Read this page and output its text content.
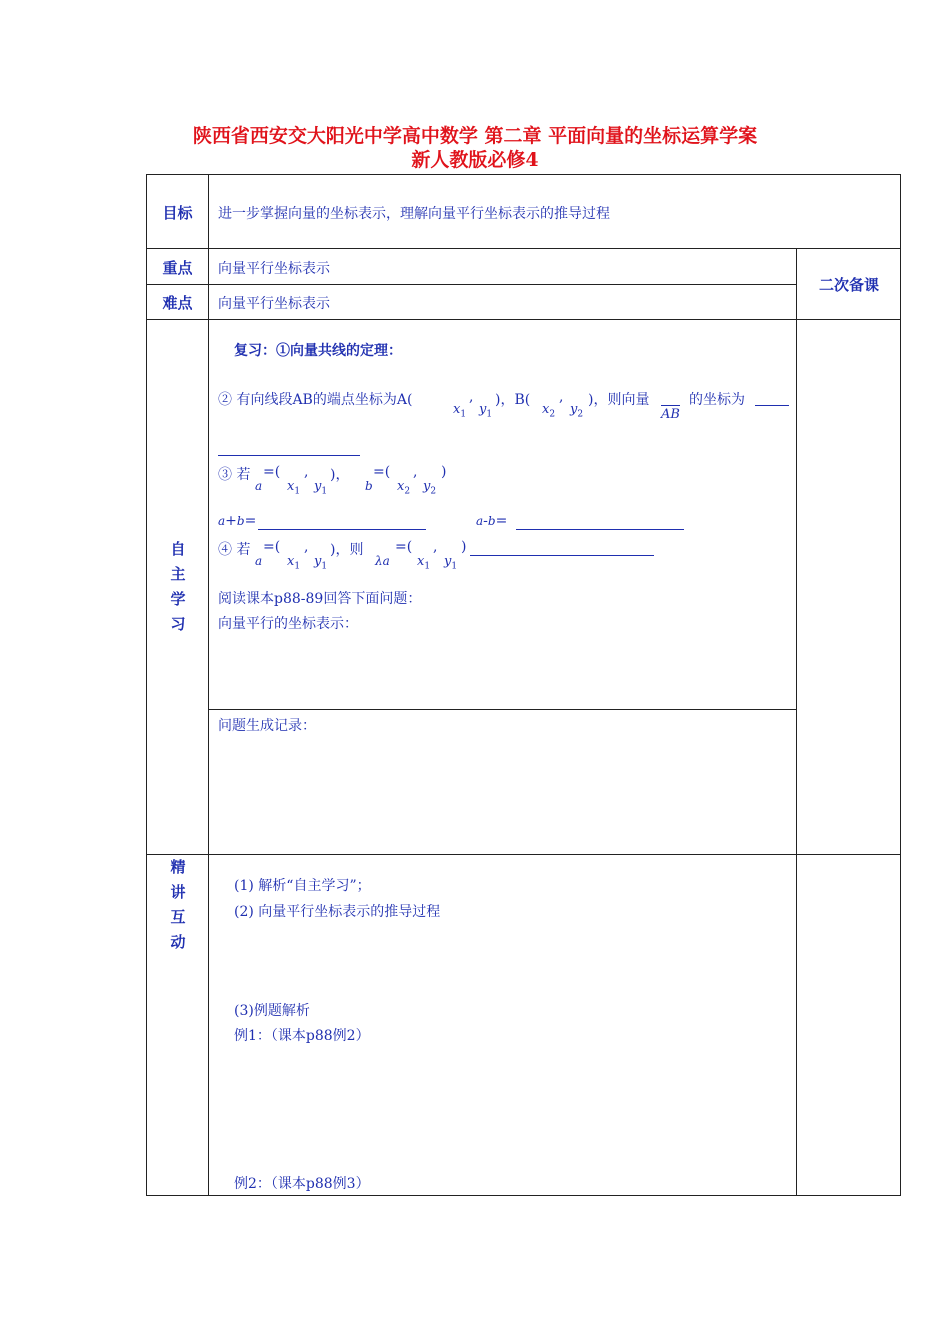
陕西省西安交大阳光中学高中数学 第二章 平面向量的坐标运算学案
新人教版必修4
目标	进一步掌握向量的坐标表示，理解向量平行坐标表示的推导过程
重点	向量平行坐标表示
难点	向量平行坐标表示
二次备课
自
主
学
习
复习：①向量共线的定理：
② 有向线段AB的端点坐标为A(
$x_1$
,
$y_1$
)，B(
$x_2$
,
$y_2$
)，则向量
AB
的坐标为
③ 若
a
=(
$x_1$
,
$y_1$
)，
b
=(
$x_2$
,
$y_2$
)
a+b=	a-b=
④ 若
a
=(
$x_1$
,
$y_1$
)，则
λa
=(
$x_1$
,
$y_1$
)
阅读课本p88-89回答下面问题：
向量平行的坐标表示：
问题生成记录：
精
讲
互
动
(1) 解析“自主学习”；
(2) 向量平行坐标表示的推导过程
(3)例题解析
例1：（课本p88例2）
例2：（课本p88例3）
